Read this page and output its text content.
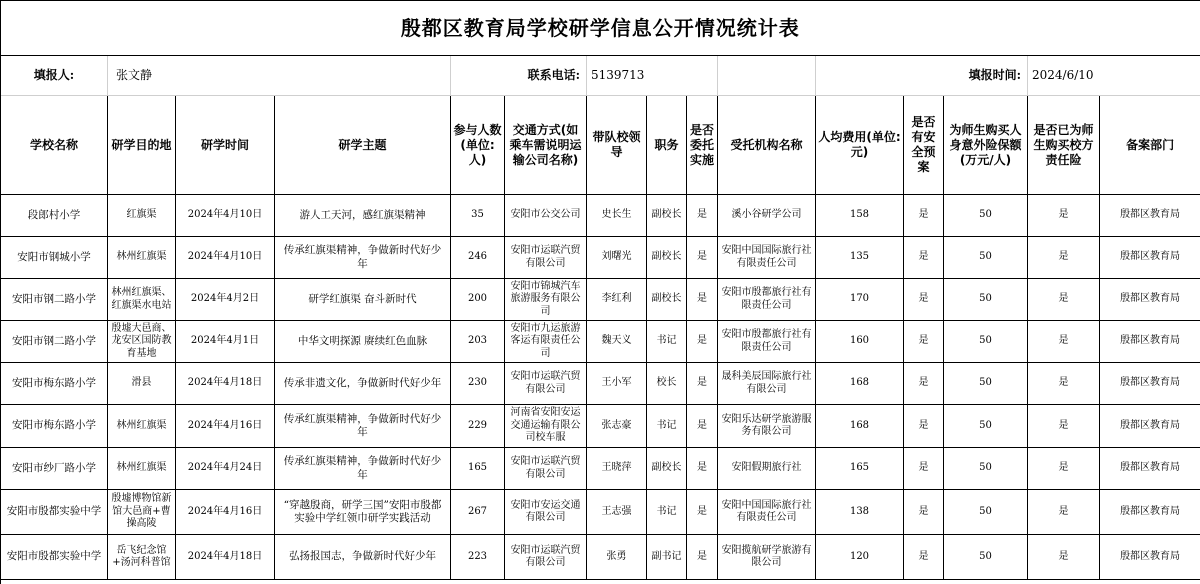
殷都区教育局学校研学信息公开情况统计表														
填报人:	张文静			联系电话:		5139713				填报时间:			2024/6/10	
学校名称	研学目的地	研学时间	研学主题	参与人数(单位:人)	交通方式(如乘车需说明运输公司名称)	带队校领导	职务	是否委托实施	受托机构名称	人均费用(单位:元)	是否有安全预案	为师生购买人身意外险保额(万元/人)	是否已为师生购买校方责任险	备案部门
段郎村小学	红旗渠	2024年4月10日	游人工天河，感红旗渠精神	35	安阳市公交公司	史长生	副校长	是	溪小谷研学公司	158	是	50	是	殷都区教育局
安阳市钢城小学	林州红旗渠	2024年4月10日	传承红旗渠精神，争做新时代好少年	246	安阳市运联汽贸有限公司	刘曙光	副校长	是	安阳中国国际旅行社有限责任公司	135	是	50	是	殷都区教育局
安阳市钢二路小学	林州红旗渠、红旗渠水电站	2024年4月2日	研学红旗渠 奋斗新时代	200	安阳市锦城汽车旅游服务有限公司	李红利	副校长	是	安阳市殷都旅行社有限责任公司	170	是	50	是	殷都区教育局
安阳市钢二路小学	殷墟大邑商、龙安区国防教育基地	2024年4月1日	中华文明探源 赓续红色血脉	203	安阳市九运旅游客运有限责任公司	魏天义	书记	是	安阳市殷都旅行社有限责任公司	160	是	50	是	殷都区教育局
安阳市梅东路小学	滑县	2024年4月18日	传承非遗文化，争做新时代好少年	230	安阳市运联汽贸有限公司	王小军	校长	是	晟科美辰国际旅行社有限公司	168	是	50	是	殷都区教育局
安阳市梅东路小学	林州红旗渠	2024年4月16日	传承红旗渠精神，争做新时代好少年	229	河南省安阳安运交通运输有限公司校车服	张志豪	书记	是	安阳乐达研学旅游服务有限公司	168	是	50	是	殷都区教育局
安阳市纱厂路小学	林州红旗渠	2024年4月24日	传承红旗渠精神，争做新时代好少年	165	安阳市运联汽贸有限公司	王晓萍	副校长	是	安阳假期旅行社	165	是	50	是	殷都区教育局
安阳市殷都实验中学	殷墟博物馆新馆大邑商+曹操高陵	2024年4月16日	“穿越殷商，研学三国”安阳市殷都实验中学红领巾研学实践活动	267	安阳市安运交通有限公司	王志强	书记	是	安阳中国国际旅行社有限责任公司	138	是	50	是	殷都区教育局
安阳市殷都实验中学	岳飞纪念馆+汤河科普馆	2024年4月18日	弘扬报国志，争做新时代好少年	223	安阳市运联汽贸有限公司	张勇	副书记	是	安阳揽航研学旅游有限公司	120	是	50	是	殷都区教育局
